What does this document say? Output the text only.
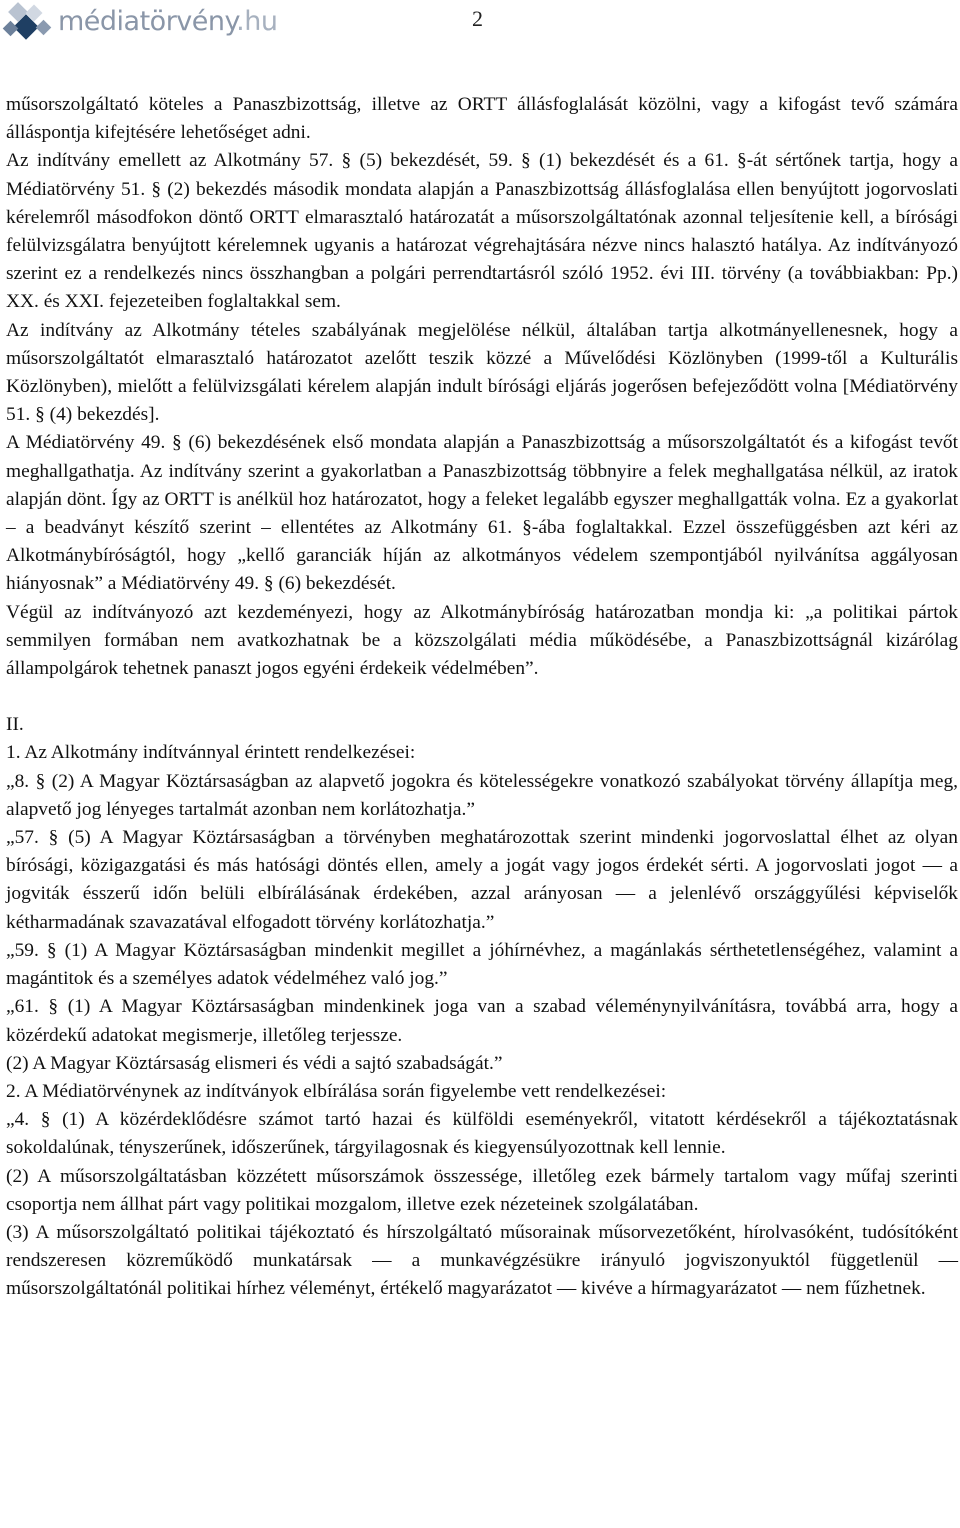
médiatörvény.hu	2

műsorszolgáltató köteles a Panaszbizottság, illetve az ORTT állásfoglalását közölni, vagy a kifogást tevő számára álláspontja kifejtésére lehetőséget adni.

Az indítvány emellett az Alkotmány 57. § (5) bekezdését, 59. § (1) bekezdését és a 61. §-át sértőnek tartja, hogy a Médiatörvény 51. § (2) bekezdés második mondata alapján a Panaszbizottság állásfoglalása ellen benyújtott jogorvoslati kérelemről másodfokon döntő ORTT elmarasztaló határozatát a műsorszolgáltatónak azonnal teljesítenie kell, a bírósági felülvizsgálatra benyújtott kérelemnek ugyanis a határozat végrehajtására nézve nincs halasztó hatálya. Az indítványozó szerint ez a rendelkezés nincs összhangban a polgári perrendtartásról szóló 1952. évi III. törvény (a továbbiakban: Pp.) XX. és XXI. fejezeteiben foglaltakkal sem.

Az indítvány az Alkotmány tételes szabályának megjelölése nélkül, általában tartja alkotmányellenesnek, hogy a műsorszolgáltatót elmarasztaló határozatot azelőtt teszik közzé a Művelődési Közlönyben (1999-től a Kulturális Közlönyben), mielőtt a felülvizsgálati kérelem alapján indult bírósági eljárás jogerősen befejeződött volna [Médiatörvény 51. § (4) bekezdés].

A Médiatörvény 49. § (6) bekezdésének első mondata alapján a Panaszbizottság a műsorszolgáltatót és a kifogást tevőt meghallgathatja. Az indítvány szerint a gyakorlatban a Panaszbizottság többnyire a felek meghallgatása nélkül, az iratok alapján dönt. Így az ORTT is anélkül hoz határozatot, hogy a feleket legalább egyszer meghallgatták volna. Ez a gyakorlat – a beadványt készítő szerint – ellentétes az Alkotmány 61. §-ába foglaltakkal. Ezzel összefüggésben azt kéri az Alkotmánybíróságtól, hogy „kellő garanciák híján az alkotmányos védelem szempontjából nyilvánítsa aggályosan hiányosnak” a Médiatörvény 49. § (6) bekezdését.

Végül az indítványozó azt kezdeményezi, hogy az Alkotmánybíróság határozatban mondja ki: „a politikai pártok semmilyen formában nem avatkozhatnak be a közszolgálati média működésébe, a Panaszbizottságnál kizárólag állampolgárok tehetnek panaszt jogos egyéni érdekeik védelmében”.

II.

1. Az Alkotmány indítvánnyal érintett rendelkezései:

„8. § (2) A Magyar Köztársaságban az alapvető jogokra és kötelességekre vonatkozó szabályokat törvény állapítja meg, alapvető jog lényeges tartalmát azonban nem korlátozhatja.”

„57. § (5) A Magyar Köztársaságban a törvényben meghatározottak szerint mindenki jogorvoslattal élhet az olyan bírósági, közigazgatási és más hatósági döntés ellen, amely a jogát vagy jogos érdekét sérti. A jogorvoslati jogot — a jogviták ésszerű időn belüli elbírálásának érdekében, azzal arányosan — a jelenlévő országgyűlési képviselők kétharmadának szavazatával elfogadott törvény korlátozhatja.”

„59. § (1) A Magyar Köztársaságban mindenkit megillet a jóhírnévhez, a magánlakás sérthetetlenségéhez, valamint a magántitok és a személyes adatok védelméhez való jog.”

„61. § (1) A Magyar Köztársaságban mindenkinek joga van a szabad véleménynyilvánításra, továbbá arra, hogy a közérdekű adatokat megismerje, illetőleg terjessze.

(2) A Magyar Köztársaság elismeri és védi a sajtó szabadságát.”

2. A Médiatörvénynek az indítványok elbírálása során figyelembe vett rendelkezései:

„4. § (1) A közérdeklődésre számot tartó hazai és külföldi eseményekről, vitatott kérdésekről a tájékoztatásnak sokoldalúnak, tényszerűnek, időszerűnek, tárgyilagosnak és kiegyensúlyozottnak kell lennie.

(2) A műsorszolgáltatásban közzétett műsorszámok összessége, illetőleg ezek bármely tartalom vagy műfaj szerinti csoportja nem állhat párt vagy politikai mozgalom, illetve ezek nézeteinek szolgálatában.

(3) A műsorszolgáltató politikai tájékoztató és hírszolgáltató műsorainak műsorvezetőként, hírolvasóként, tudósítóként rendszeresen közreműködő munkatársak — a munkavégzésükre irányuló jogviszonyuktól függetlenül — műsorszolgáltatónál politikai hírhez véleményt, értékelő magyarázatot — kivéve a hírmagyarázatot — nem fűzhetnek.
